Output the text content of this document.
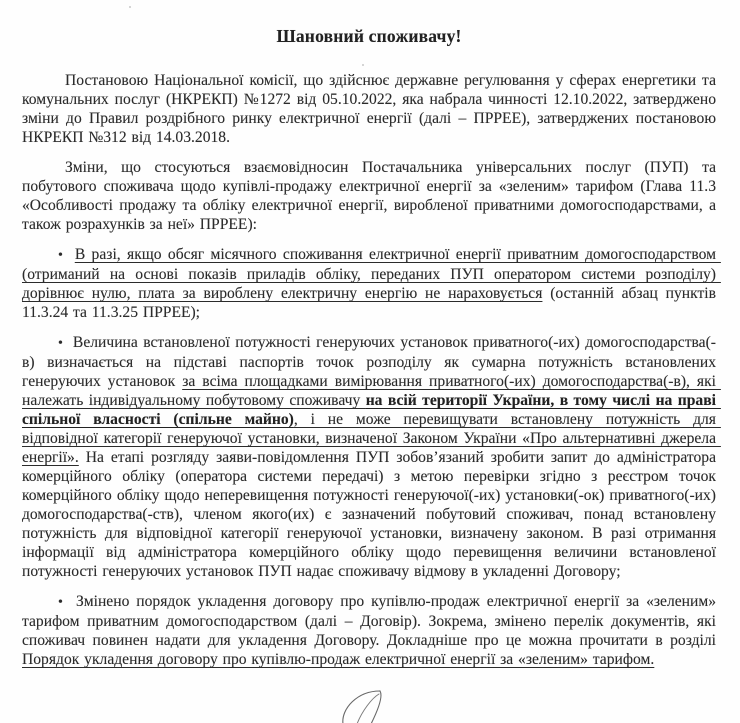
Шановний споживачу!

Постановою Національної комісії, що здійснює державне регулювання у сферах енергетики та комунальних послуг (НКРЕКП) №1272 від 05.10.2022, яка набрала чинності 12.10.2022, затверджено зміни до Правил роздрібного ринку електричної енергії (далі – ПРРЕЕ), затверджених постановою НКРЕКП №312 від 14.03.2018.

Зміни, що стосуються взаємовідносин Постачальника універсальних послуг (ПУП) та побутового споживача щодо купівлі-продажу електричної енергії за «зеленим» тарифом (Глава 11.3 «Особливості продажу та обліку електричної енергії, виробленої приватними домогосподарствами, а також розрахунків за неї» ПРРЕЕ):

•  В разі, якщо обсяг місячного споживання електричної енергії приватним домогосподарством (отриманий на основі показів приладів обліку, переданих ПУП оператором системи розподілу) дорівнює нулю, плата за вироблену електричну енергію не нараховується (останній абзац пунктів 11.3.24 та 11.3.25 ПРРЕЕ);

•  Величина встановленої потужності генеруючих установок приватного(-их) домогосподарства(-в) визначається на підставі паспортів точок розподілу як сумарна потужність встановлених генеруючих установок за всіма площадками вимірювання приватного(-их) домогосподарства(-в), які належать індивідуальному побутовому споживачу на всій території України, в тому числі на праві спільної власності (спільне майно), і не може перевищувати встановлену потужність для відповідної категорії генеруючої установки, визначеної Законом України «Про альтернативні джерела енергії». На етапі розгляду заяви-повідомлення ПУП зобов’язаний зробити запит до адміністратора комерційного обліку (оператора системи передачі) з метою перевірки згідно з реєстром точок комерційного обліку щодо неперевищення потужності генеруючої(-их) установки(-ок) приватного(-их) домогосподарства(-ств), членом якого(их) є зазначений побутовий споживач, понад встановлену потужність для відповідної категорії генеруючої установки, визначену законом. В разі отримання інформації від адміністратора комерційного обліку щодо перевищення величини встановленої потужності генеруючих установок ПУП надає споживачу відмову в укладенні Договору;

•  Змінено порядок укладення договору про купівлю-продаж електричної енергії за «зеленим» тарифом приватним домогосподарством (далі – Договір). Зокрема, змінено перелік документів, які споживач повинен надати для укладення Договору. Докладніше про це можна прочитати в розділі Порядок укладення договору про купівлю-продаж електричної енергії за «зеленим» тарифом.
